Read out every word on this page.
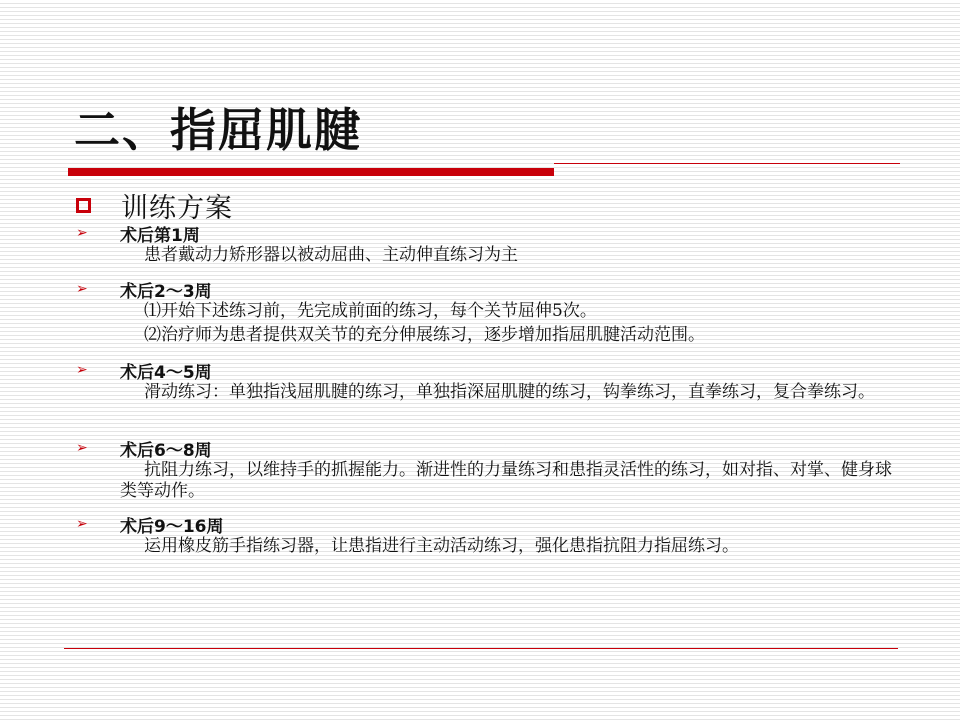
二、指屈肌腱
训练方案
➢	术后第1周
患者戴动力矫形器以被动屈曲、主动伸直练习为主
➢	术后2～3周
⑴开始下述练习前，先完成前面的练习，每个关节屈伸5次。
⑵治疗师为患者提供双关节的充分伸展练习，逐步增加指屈肌腱活动范围。
➢	术后4～5周
滑动练习：单独指浅屈肌腱的练习，单独指深屈肌腱的练习，钩拳练习，直拳练习，复合拳练习。
➢	术后6～8周
抗阻力练习，以维持手的抓握能力。渐进性的力量练习和患指灵活性的练习，如对指、对掌、健身球类等动作。
➢	术后9～16周
运用橡皮筋手指练习器，让患指进行主动活动练习，强化患指抗阻力指屈练习。
